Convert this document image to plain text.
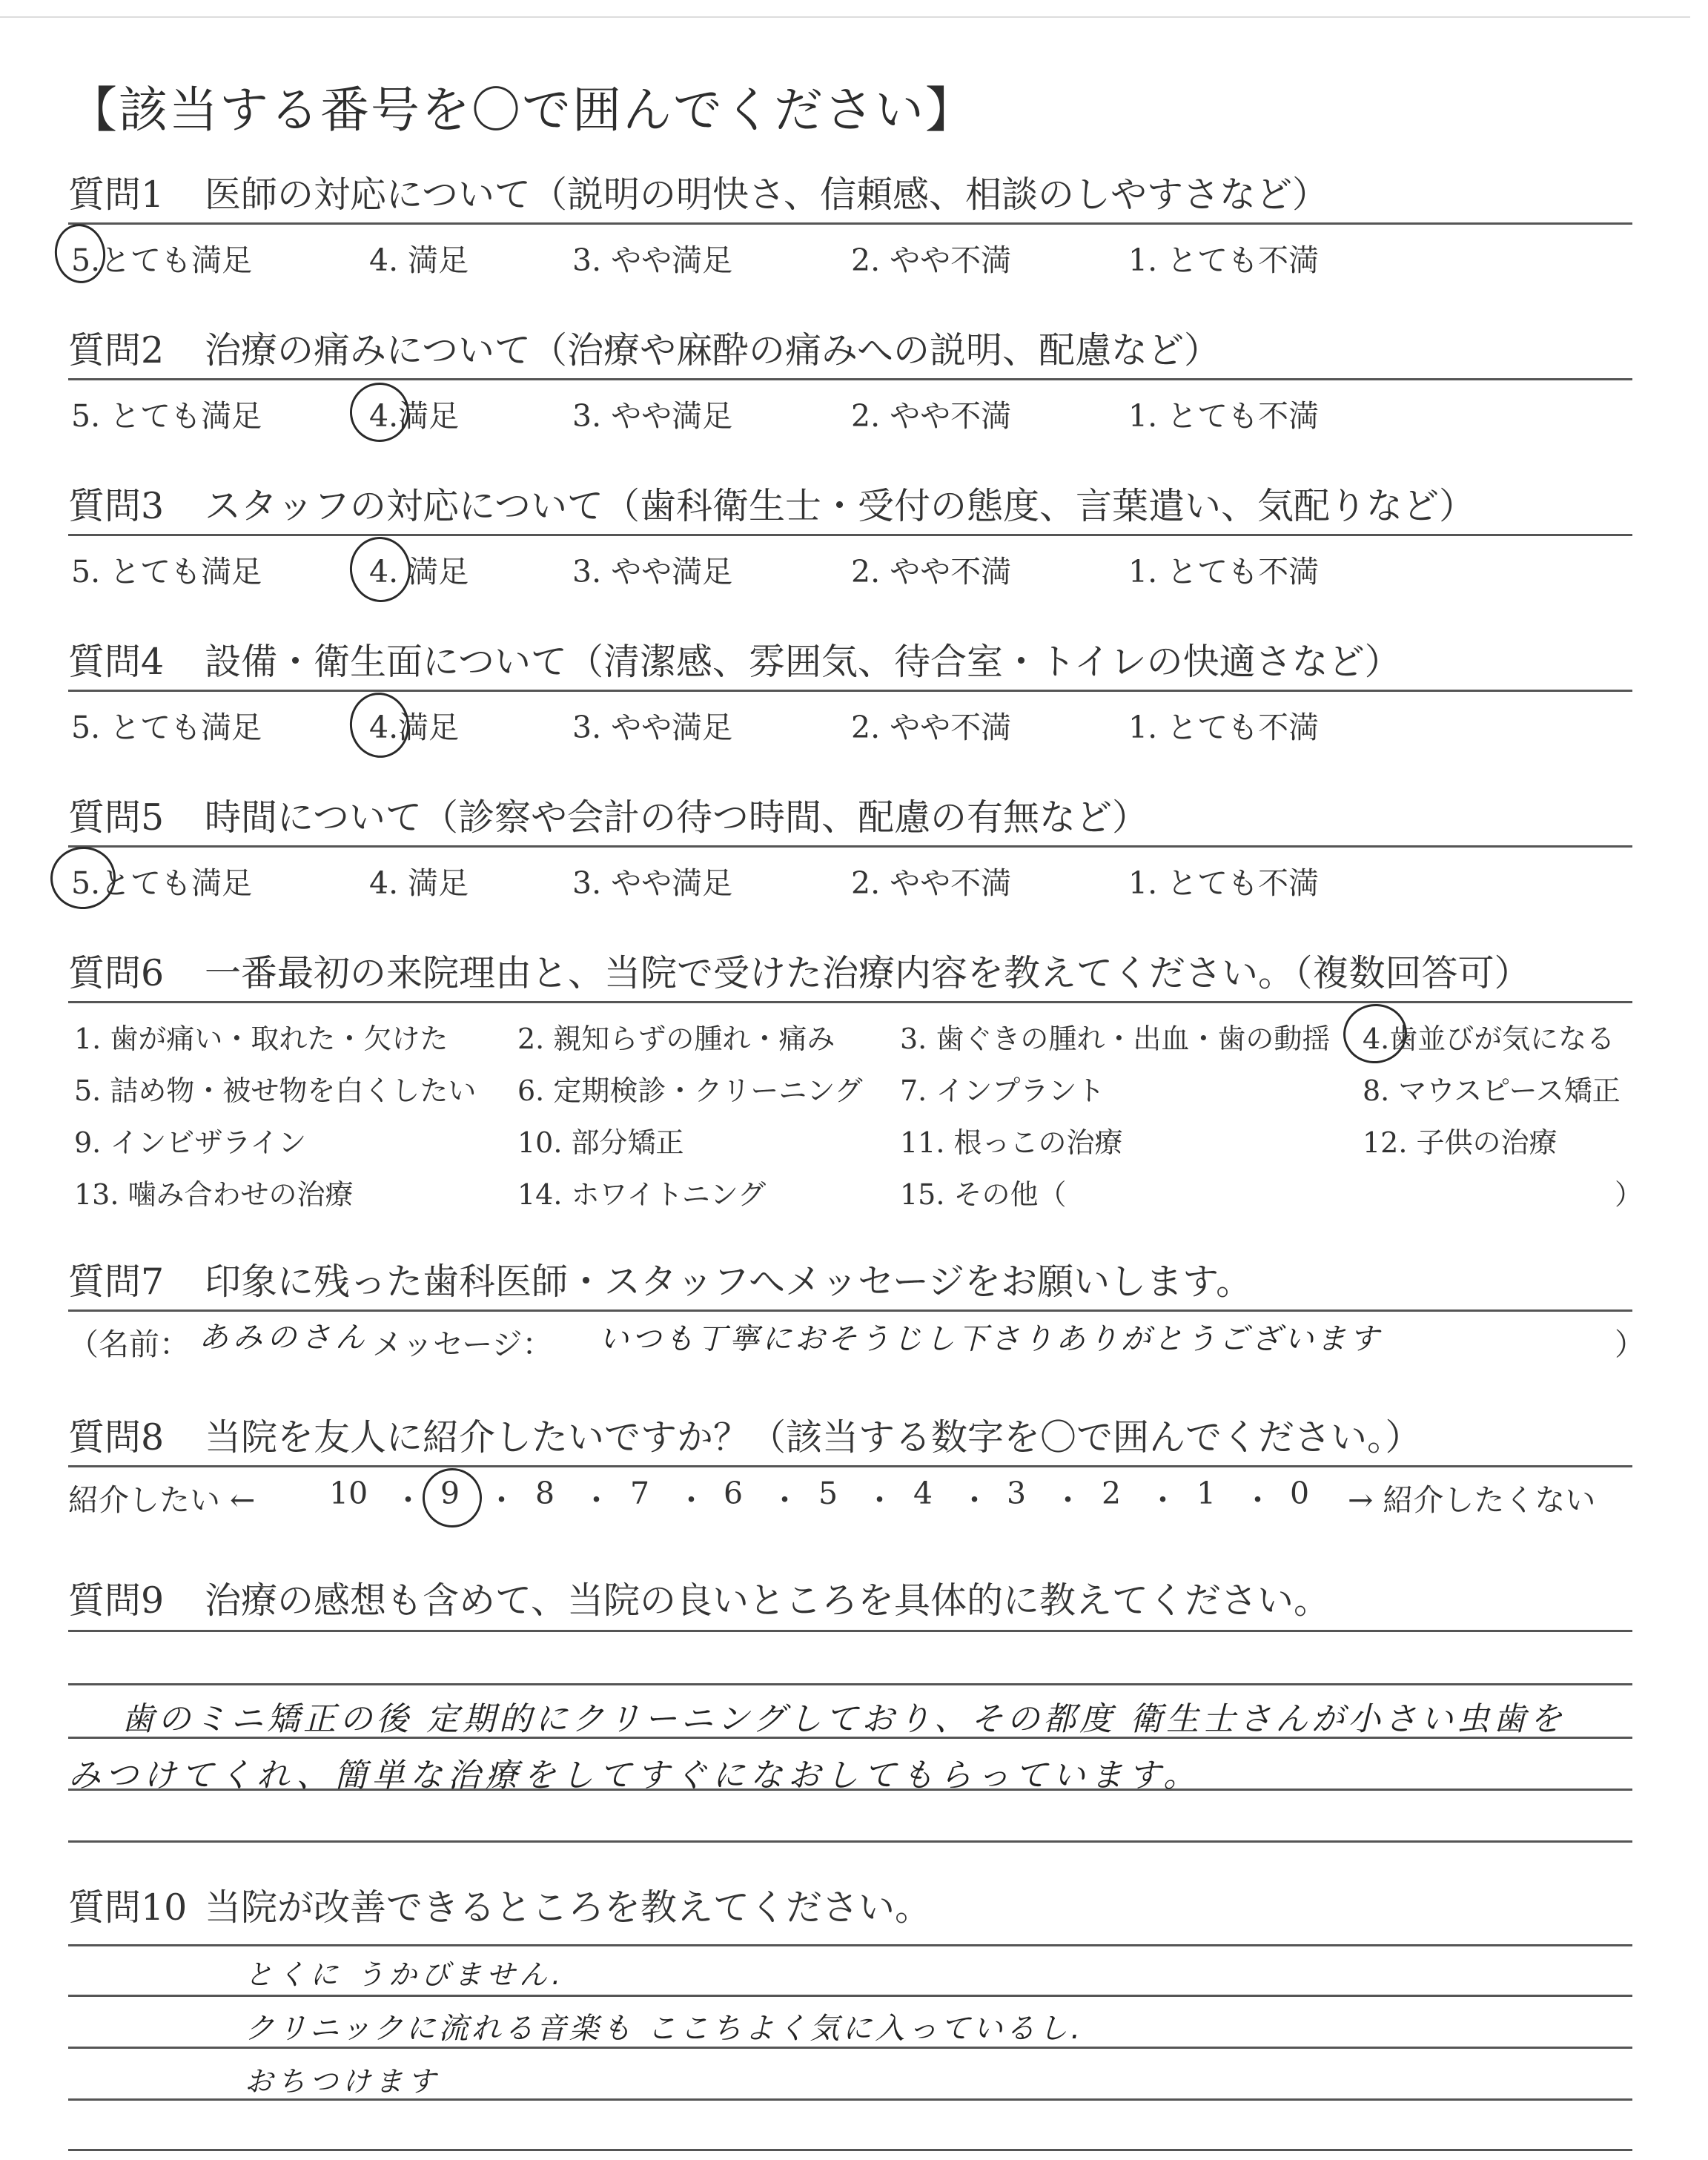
【該当する番号を〇で囲んでください】
質問1 医師の対応について（説明の明快さ、信頼感、相談のしやすさなど）
5.とても満足	4. 満足	3. やや満足	2. やや不満	1. とても不満
質問2 治療の痛みについて（治療や麻酔の痛みへの説明、配慮など）
5. とても満足	4.満足	3. やや満足	2. やや不満	1. とても不満
質問3 スタッフの対応について（歯科衛生士・受付の態度、言葉遣い、気配りなど）
5. とても満足	4. 満足	3. やや満足	2. やや不満	1. とても不満
質問4 設備・衛生面について（清潔感、雰囲気、待合室・トイレの快適さなど）
5. とても満足	4.満足	3. やや満足	2. やや不満	1. とても不満
質問5 時間について（診察や会計の待つ時間、配慮の有無など）
5.とても満足	4. 満足	3. やや満足	2. やや不満	1. とても不満
質問6 一番最初の来院理由と、当院で受けた治療内容を教えてください。（複数回答可）
1. 歯が痛い・取れた・欠けた 2. 親知らずの腫れ・痛み 3. 歯ぐきの腫れ・出血・歯の動揺 4.歯並びが気になる
5. 詰め物・被せ物を白くしたい 6. 定期検診・クリーニング 7. インプラント	8. マウスピース矯正
9. インビザライン	10. 部分矯正	11. 根っこの治療	12. 子供の治療
13. 噛み合わせの治療	14. ホワイトニング	15. その他（	）
質問7 印象に残った歯科医師・スタッフへメッセージをお願いします。
（名前： あみのさん メッセージ： いつも丁寧におそうじし下さりありがとうございます	）
質問8 当院を友人に紹介したいですか？（該当する数字を〇で囲んでください。）
紹介したい ← 10 ・ 9 ・ 8 ・ 7 ・ 6 ・ 5 ・ 4 ・ 3 ・ 2 ・ 1 ・ 0 → 紹介したくない
質問9 治療の感想も含めて、当院の良いところを具体的に教えてください。
歯のミニ矯正の後 定期的にクリーニングしており、その都度 衛生士さんが小さい虫歯を
みつけてくれ、簡単な治療をしてすぐになおしてもらっています。
質問10 当院が改善できるところを教えてください。
とくに うかびません.
クリニックに流れる音楽も ここちよく気に入っているし.
おちつけます
